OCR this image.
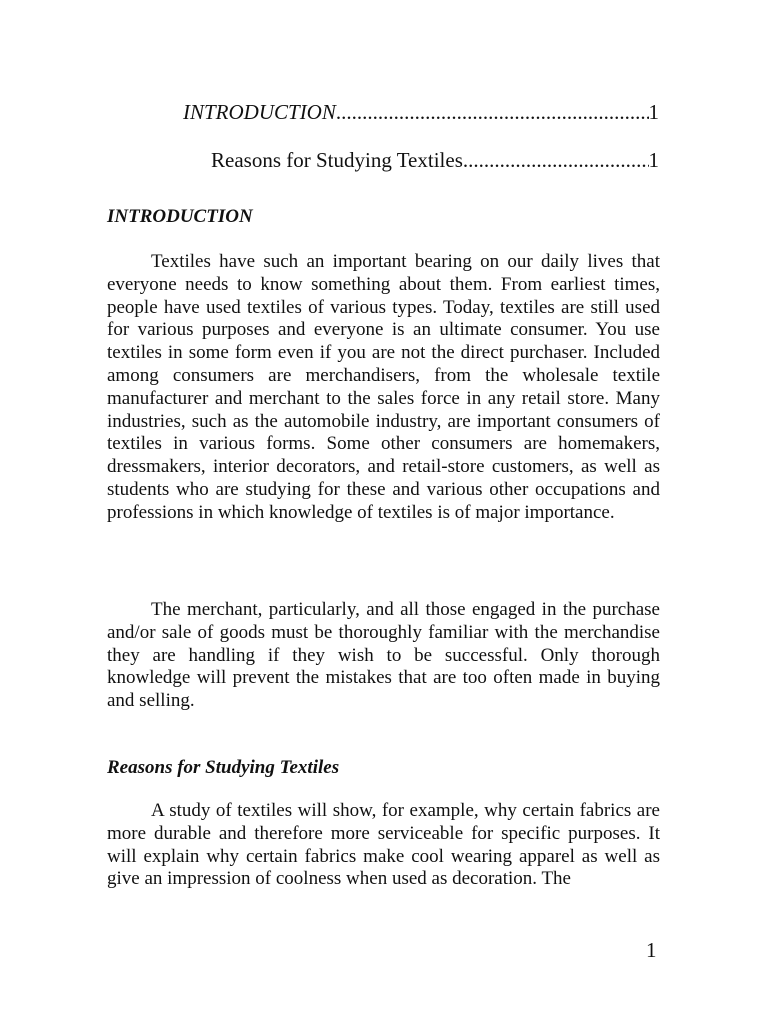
INTRODUCTION .....	1
Reasons for Studying Textiles .....	1
INTRODUCTION

Textiles have such an important bearing on our daily lives that everyone needs to know something about them. From earliest times, people have used textiles of various types. Today, textiles are still used for various purposes and everyone is an ultimate consumer. You use textiles in some form even if you are not the direct purchaser. Included among consumers are merchandisers, from the wholesale textile manufacturer and merchant to the sales force in any retail store. Many industries, such as the automobile industry, are important consumers of textiles in various forms. Some other consumers are homemakers, dressmakers, interior decorators, and retail-store customers, as well as students who are studying for these and various other occupations and professions in which knowledge of textiles is of major importance.

The merchant, particularly, and all those engaged in the purchase and/or sale of goods must be thoroughly familiar with the merchandise they are handling if they wish to be successful. Only thorough knowledge will prevent the mistakes that are too often made in buying and selling.

Reasons for Studying Textiles

A study of textiles will show, for example, why certain fabrics are more durable and therefore more serviceable for specific purposes. It will explain why certain fabrics make cool wearing apparel as well as give an impression of coolness when used as decoration. The

1
